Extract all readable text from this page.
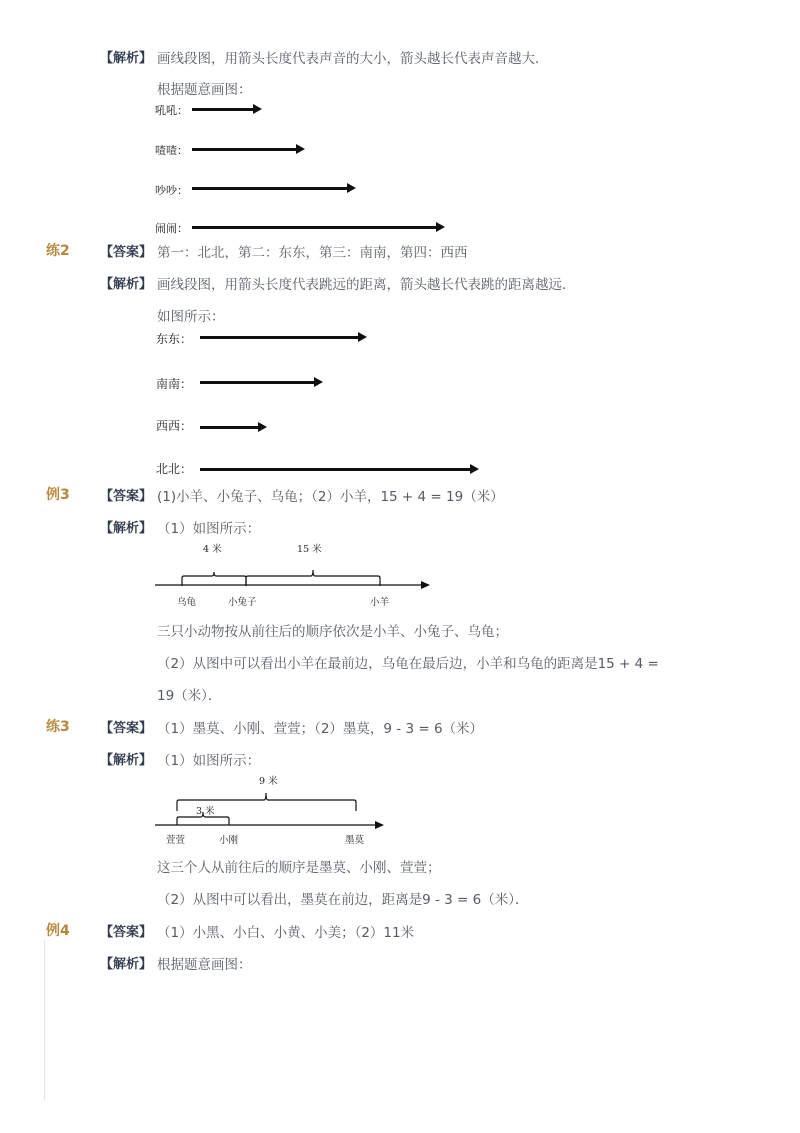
【解析】 画线段图，用箭头长度代表声音的大小，箭头越长代表声音越大．
根据题意画图：
吼吼：
喳喳：
吵吵：
闹闹：
练2 【答案】 第一：北北，第二：东东，第三：南南，第四：西西
【解析】 画线段图，用箭头长度代表跳远的距离，箭头越长代表跳的距离越远．
如图所示：
东东：
南南：
西西：
北北：
例3 【答案】 (1)小羊、小兔子、乌龟；（2）小羊，15 + 4 = 19（米）
【解析】 （1）如图所示：
4 米	15 米
乌龟	小兔子	小羊
三只小动物按从前往后的顺序依次是小羊、小兔子、乌龟；
（2）从图中可以看出小羊在最前边，乌龟在最后边，小羊和乌龟的距离是15 + 4 =
19（米）．
练3 【答案】 （1）墨莫、小刚、萱萱；（2）墨莫，9 - 3 = 6（米）
【解析】 （1）如图所示：
9 米
3 米
萱萱	小刚	墨莫
这三个人从前往后的顺序是墨莫、小刚、萱萱；
（2）从图中可以看出，墨莫在前边，距离是9 - 3 = 6（米）．
例4 【答案】 （1）小黑、小白、小黄、小美；（2）11米
【解析】 根据题意画图：
